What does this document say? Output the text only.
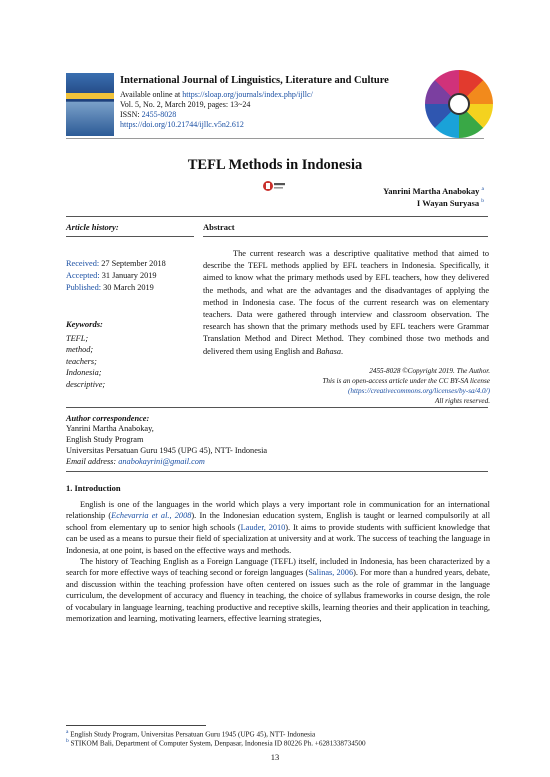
International Journal of Linguistics, Literature and Culture
Available online at https://sloap.org/journals/index.php/ijllc/
Vol. 5, No. 2, March 2019, pages: 13~24
ISSN: 2455-8028
https://doi.org/10.21744/ijllc.v5n2.612
TEFL Methods in Indonesia
Yanrini Martha Anabokay $^a$
I Wayan Suryasa $^b$
Article history:	Abstract
Received: 27 September 2018
Accepted: 31 January 2019
Published: 30 March 2019
Keywords:
TEFL;
method;
teachers;
Indonesia;
descriptive;
The current research was a descriptive qualitative method that aimed to describe the TEFL methods applied by EFL teachers in Indonesia. Specifically, it aimed to know what the primary methods used by EFL teachers, how they delivered the methods, and what are the advantages and the disadvantages of applying the method in Indonesia case. The focus of the current research was on elementary teachers. Data were gathered through interview and classroom observation. The research has shown that the primary methods used by EFL teachers were Grammar Translation Method and Direct Method. They combined those two methods and delivered them using English and Bahasa.
2455-8028 ©Copyright 2019. The Author.
This is an open-access article under the CC BY-SA license
(https://creativecommons.org/licenses/by-sa/4.0/)
All rights reserved.
Author correspondence:
Yanrini Martha Anabokay,
English Study Program
Universitas Persatuan Guru 1945 (UPG 45), NTT- Indonesia
Email address: anabokayrini@gmail.com
1. Introduction

English is one of the languages in the world which plays a very important role in communication for an international relationship (Echevarria et al., 2008). In the Indonesian education system, English is taught or learned compulsorily at all school from elementary up to senior high schools (Lauder, 2010). It aims to provide students with sufficient knowledge that can be used as a means to pursue their field of specialization at university and at work. The success of teaching the language in Indonesia, at one point, is based on the effective ways and methods.

The history of Teaching English as a Foreign Language (TEFL) itself, included in Indonesia, has been characterized by a search for more effective ways of teaching second or foreign languages (Salinas, 2006). For more than a hundred years, debate, and discussion within the teaching profession have often centered on issues such as the role of grammar in the language curriculum, the development of accuracy and fluency in teaching, the choice of syllabus frameworks in course design, the role of vocabulary in language learning, teaching productive and receptive skills, learning theories and their application in teaching, memorization and learning, motivating learners, effective learning strategies,

$^a$ English Study Program, Universitas Persatuan Guru 1945 (UPG 45), NTT- Indonesia
$^b$ STIKOM Bali, Department of Computer System, Denpasar, Indonesia ID 80226 Ph. +6281338734500
13
